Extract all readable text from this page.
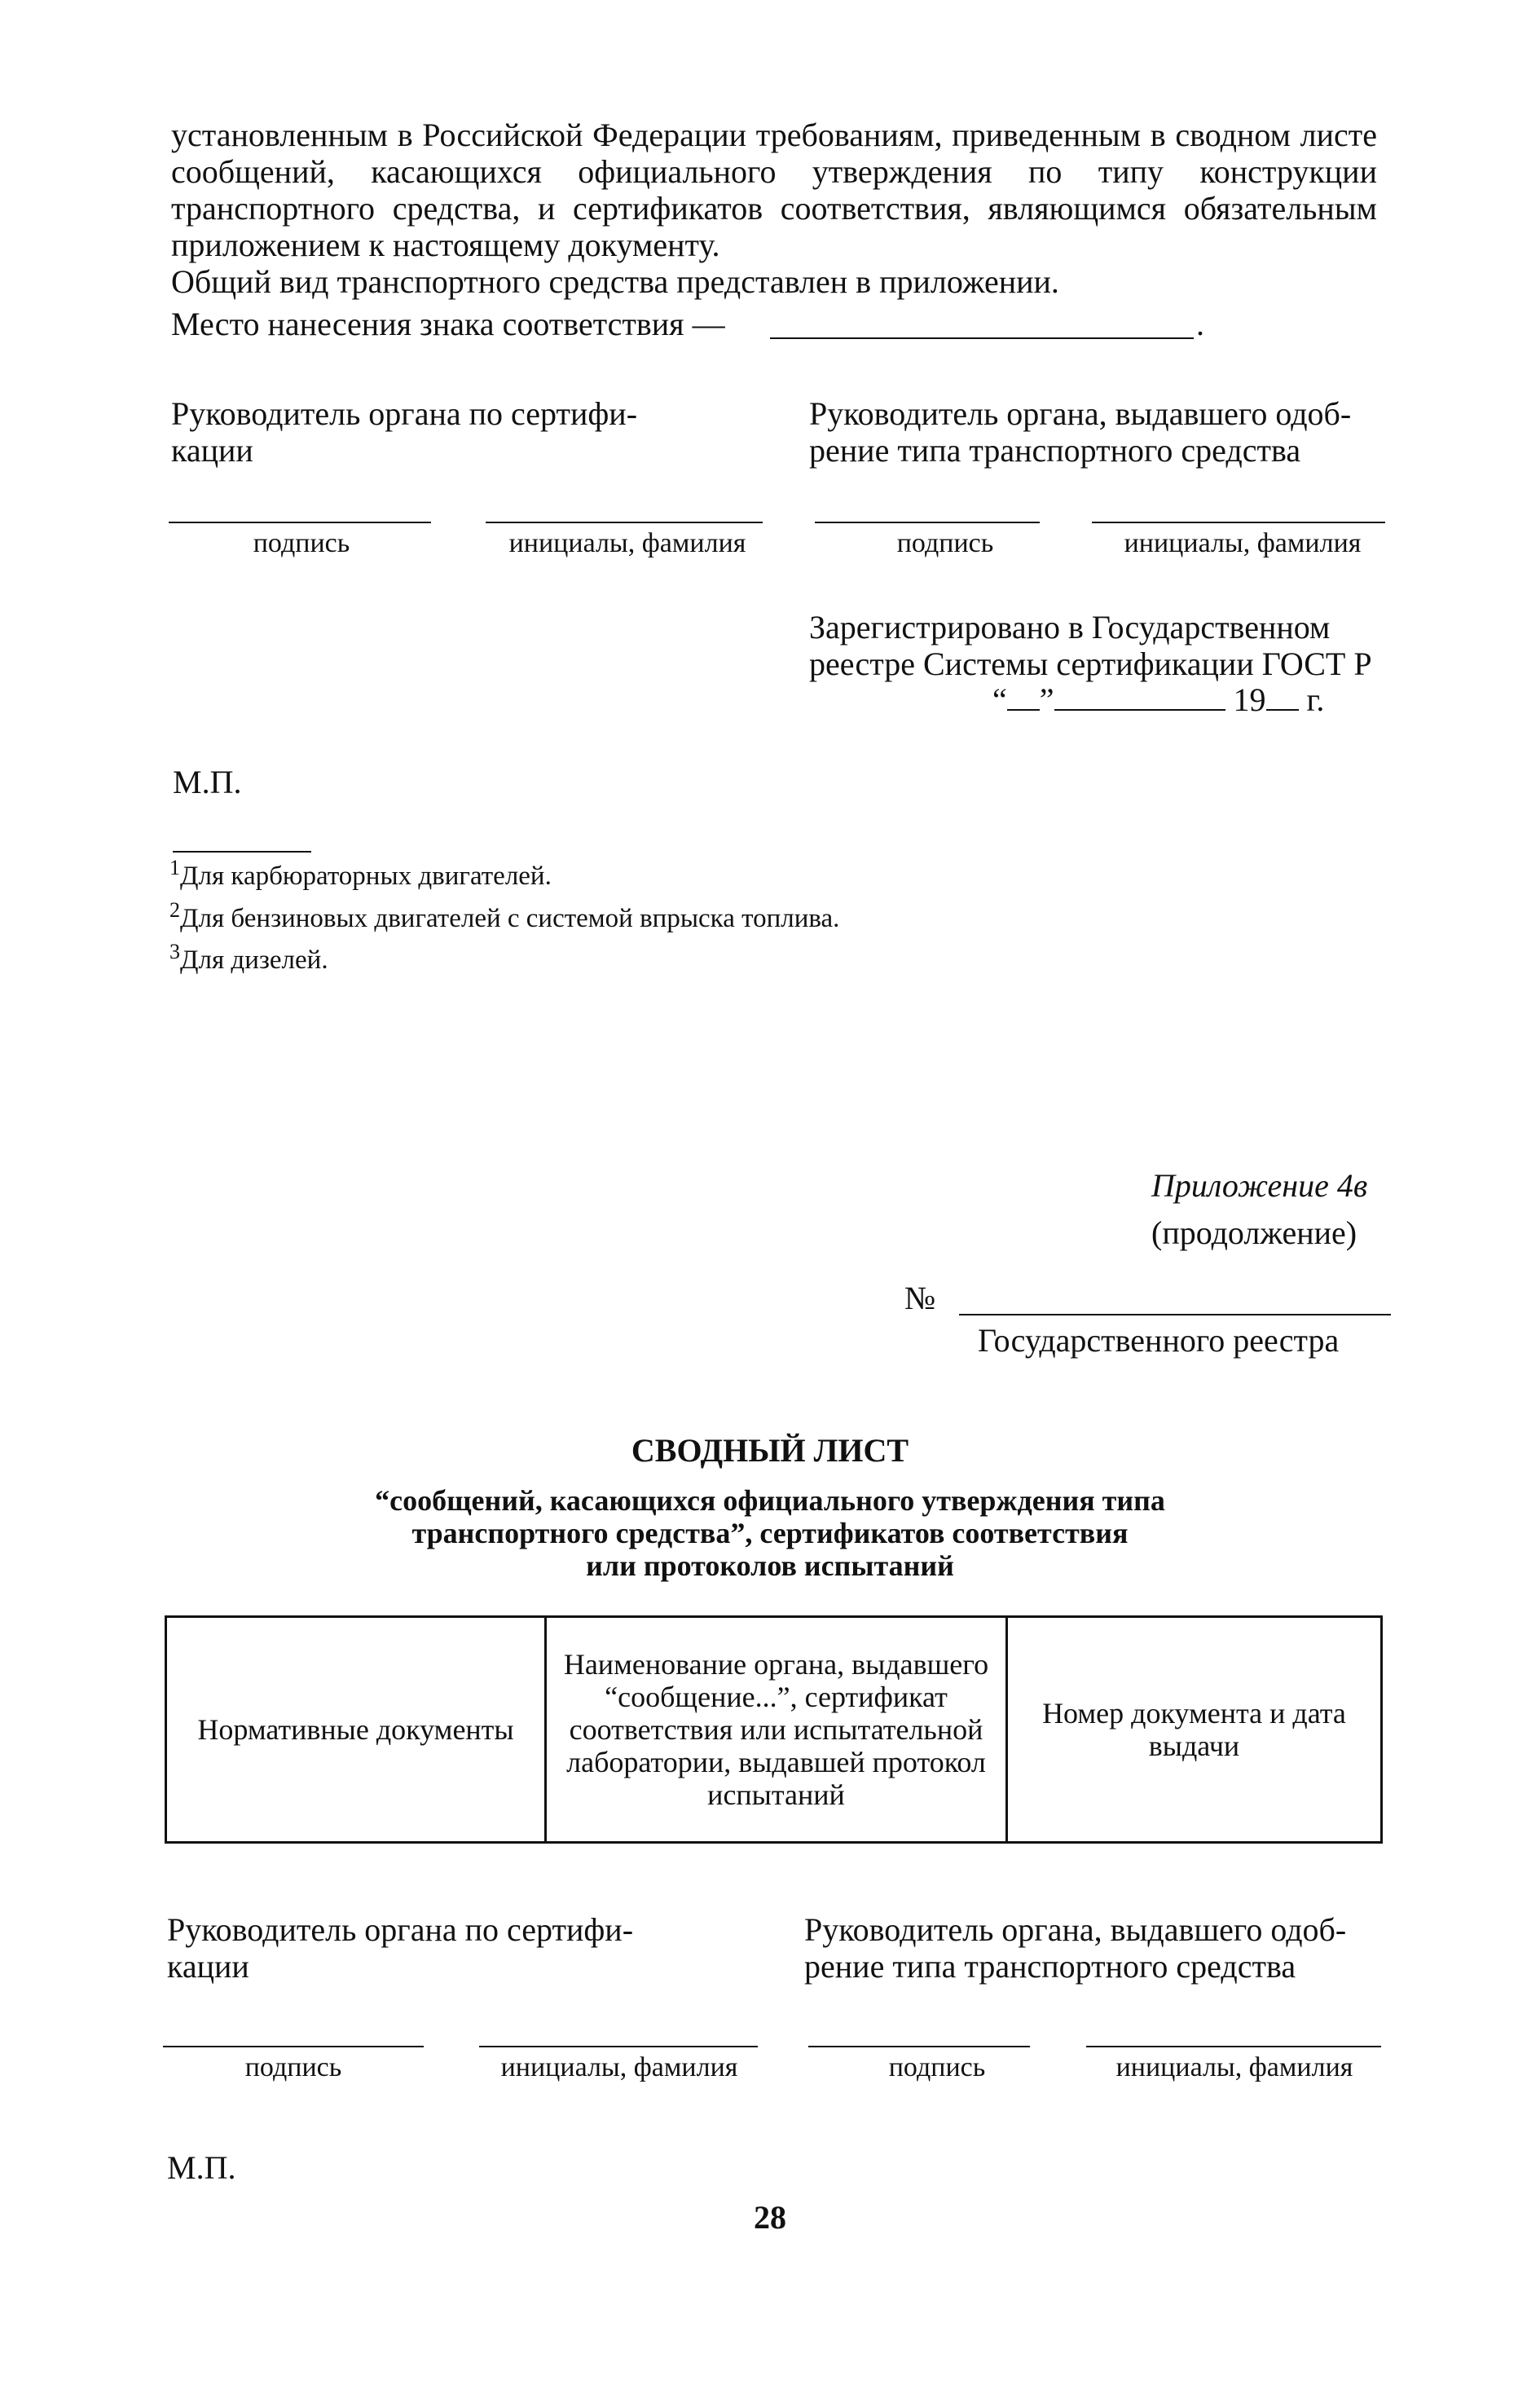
установленным в Российской Федерации требованиям, приведенным в сводном листе сообщений, касающихся официального утверждения по типу конструкции транспортного средства, и сертификатов соответствия, являющимся обязательным приложением к настоящему документу.
Общий вид транспортного средства представлен в приложении.
Место нанесения знака соответствия —	.
Руководитель органа по сертифи-кации
Руководитель органа, выдавшего одоб-рение типа транспортного средства
подпись	инициалы, фамилия	подпись	инициалы, фамилия
Зарегистрировано в Государственном
реестре Системы сертификации ГОСТ Р
“ ”	19 г.
М.П.
$^1$Для карбюраторных двигателей.
$^2$Для бензиновых двигателей с системой впрыска топлива.
$^3$Для дизелей.
Приложение 4в
(продолжение)
№
Государственного реестра
СВОДНЫЙ ЛИСТ
“сообщений, касающихся официального утверждения типа
транспортного средства”, сертификатов соответствия
или протоколов испытаний
Нормативные документы	Наименование органа, выдавшего “сообщение...”, сертификат соответствия или испытательной лаборатории, выдавшей протокол испытаний	Номер документа и дата выдачи
Руководитель органа по сертифи-кации
Руководитель органа, выдавшего одоб-рение типа транспортного средства
подпись	инициалы, фамилия	подпись	инициалы, фамилия
М.П.
28
